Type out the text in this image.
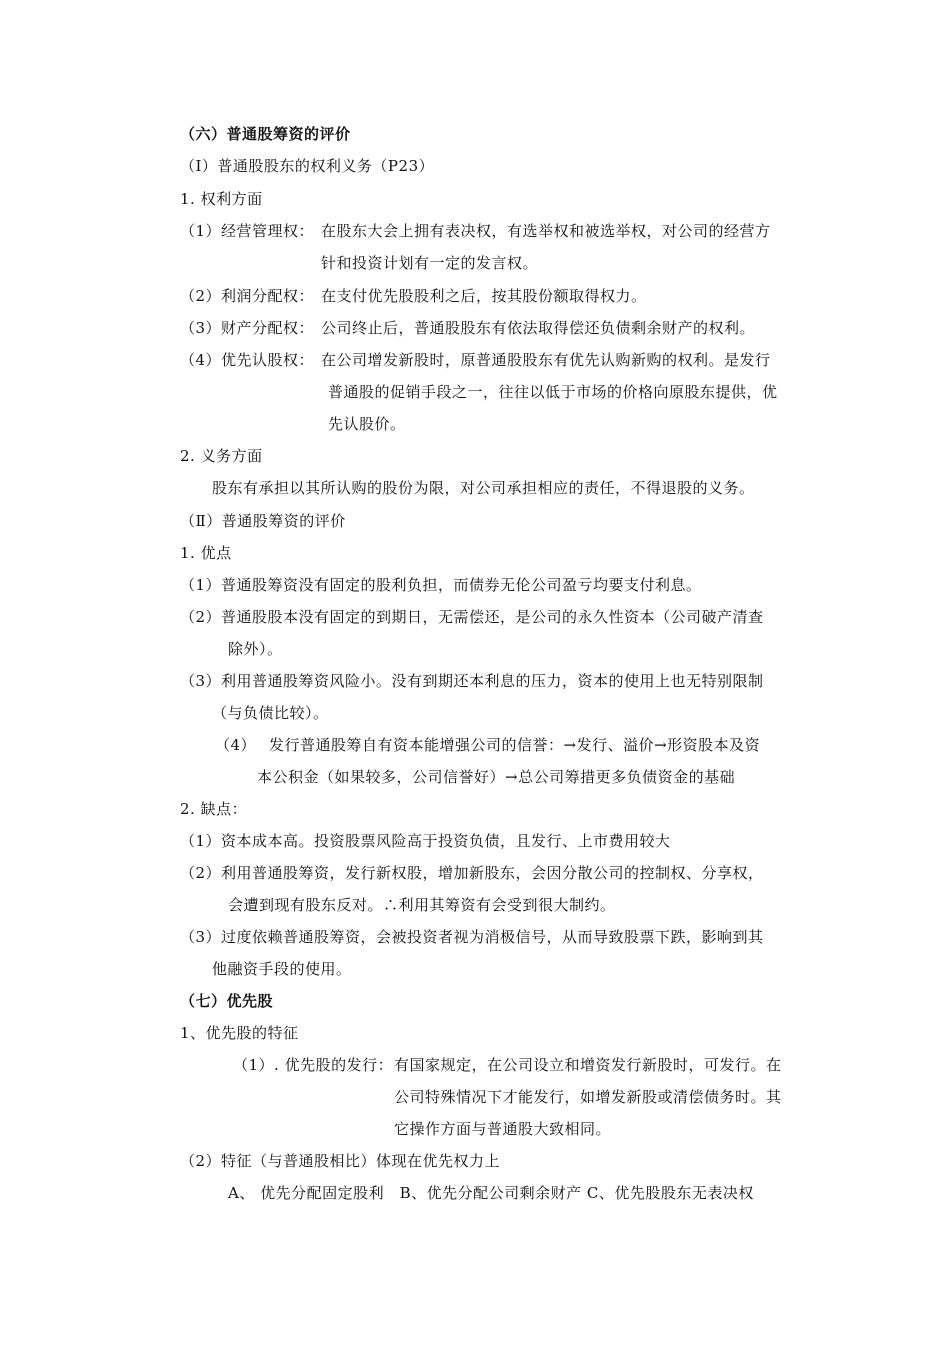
（六）普通股筹资的评价
（Ⅰ）普通股股东的权利义务（P23）
1. 权利方面
（1）经营管理权： 在股东大会上拥有表决权，有选举权和被选举权，对公司的经营方
针和投资计划有一定的发言权。
（2）利润分配权： 在支付优先股股利之后，按其股份额取得权力。
（3）财产分配权： 公司终止后，普通股股东有依法取得偿还负债剩余财产的权利。
（4）优先认股权： 在公司增发新股时，原普通股股东有优先认购新购的权利。是发行
普通股的促销手段之一，往往以低于市场的价格向原股东提供，优
先认股价。
2. 义务方面
股东有承担以其所认购的股份为限，对公司承担相应的责任，不得退股的义务。
（Ⅱ）普通股筹资的评价
1. 优点
（1）普通股筹资没有固定的股利负担，而债券无伦公司盈亏均要支付利息。
（2）普通股股本没有固定的到期日，无需偿还，是公司的永久性资本（公司破产清查
除外）。
（3）利用普通股筹资风险小。没有到期还本利息的压力，资本的使用上也无特别限制
（与负债比较）。
（4） 发行普通股筹自有资本能增强公司的信誉：→发行、溢价→形资股本及资
本公积金（如果较多，公司信誉好）→总公司筹措更多负债资金的基础
2. 缺点：
（1）资本成本高。投资股票风险高于投资负债，且发行、上市费用较大
（2）利用普通股筹资，发行新权股，增加新股东，会因分散公司的控制权、分享权，
会遭到现有股东反对。∴利用其筹资有会受到很大制约。
（3）过度依赖普通股筹资，会被投资者视为消极信号，从而导致股票下跌，影响到其
他融资手段的使用。
（七）优先股
1、优先股的特征
（1）. 优先股的发行： 有国家规定，在公司设立和增资发行新股时，可发行。在
公司特殊情况下才能发行，如增发新股或清偿债务时。其
它操作方面与普通股大致相同。
（2）特征（与普通股相比）体现在优先权力上
A、 优先分配固定股利　B、优先分配公司剩余财产 C、优先股股东无表决权
